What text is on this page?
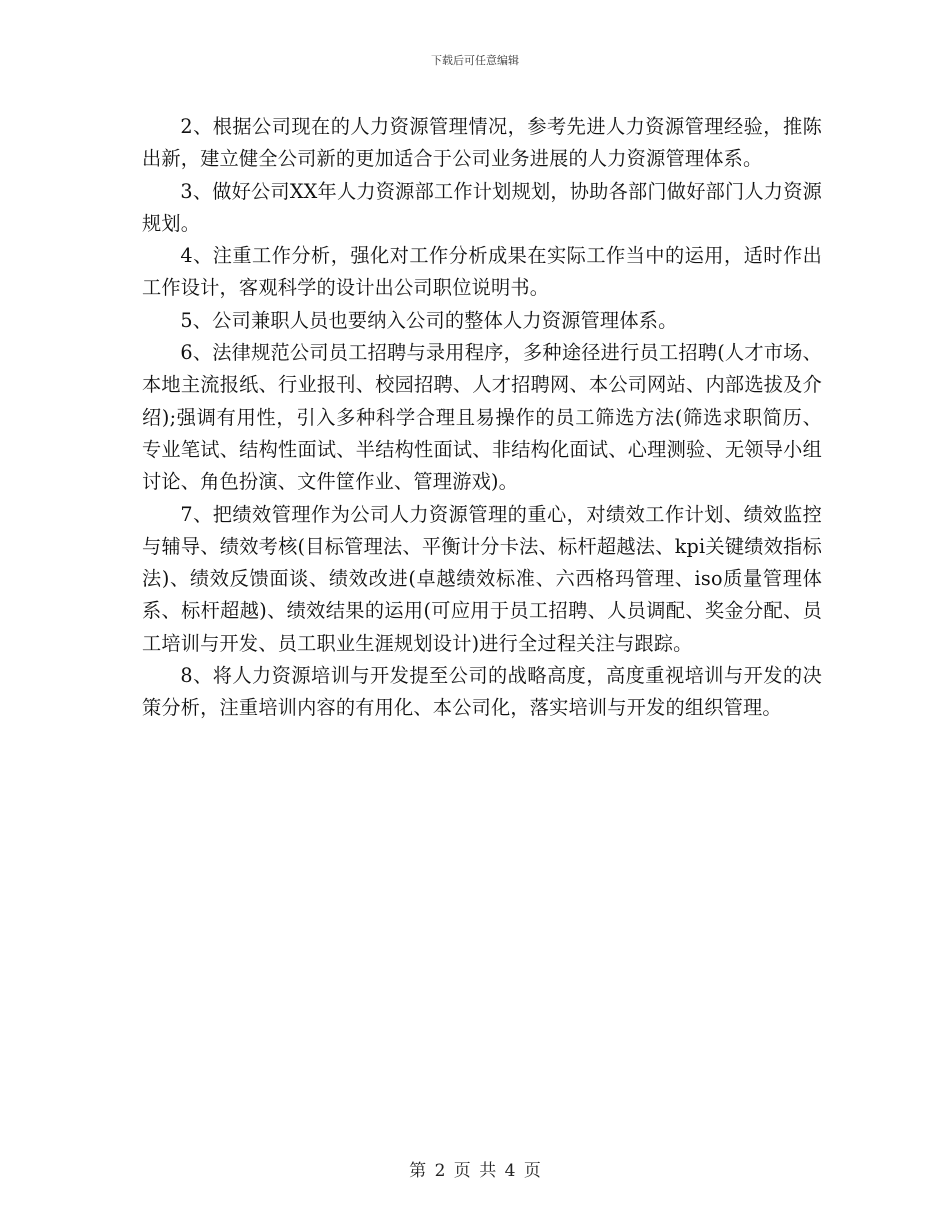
下载后可任意编辑

2、根据公司现在的人力资源管理情况，参考先进人力资源管理经验，推陈出新，建立健全公司新的更加适合于公司业务进展的人力资源管理体系。

3、做好公司XX年人力资源部工作计划规划，协助各部门做好部门人力资源规划。

4、注重工作分析，强化对工作分析成果在实际工作当中的运用，适时作出工作设计，客观科学的设计出公司职位说明书。

5、公司兼职人员也要纳入公司的整体人力资源管理体系。

6、法律规范公司员工招聘与录用程序，多种途径进行员工招聘(人才市场、本地主流报纸、行业报刊、校园招聘、人才招聘网、本公司网站、内部选拔及介绍);强调有用性，引入多种科学合理且易操作的员工筛选方法(筛选求职简历、专业笔试、结构性面试、半结构性面试、非结构化面试、心理测验、无领导小组讨论、角色扮演、文件筐作业、管理游戏)。

7、把绩效管理作为公司人力资源管理的重心，对绩效工作计划、绩效监控与辅导、绩效考核(目标管理法、平衡计分卡法、标杆超越法、kpi关键绩效指标法)、绩效反馈面谈、绩效改进(卓越绩效标准、六西格玛管理、iso质量管理体系、标杆超越)、绩效结果的运用(可应用于员工招聘、人员调配、奖金分配、员工培训与开发、员工职业生涯规划设计)进行全过程关注与跟踪。

8、将人力资源培训与开发提至公司的战略高度，高度重视培训与开发的决策分析，注重培训内容的有用化、本公司化，落实培训与开发的组织管理。

第 2 页 共 4 页
